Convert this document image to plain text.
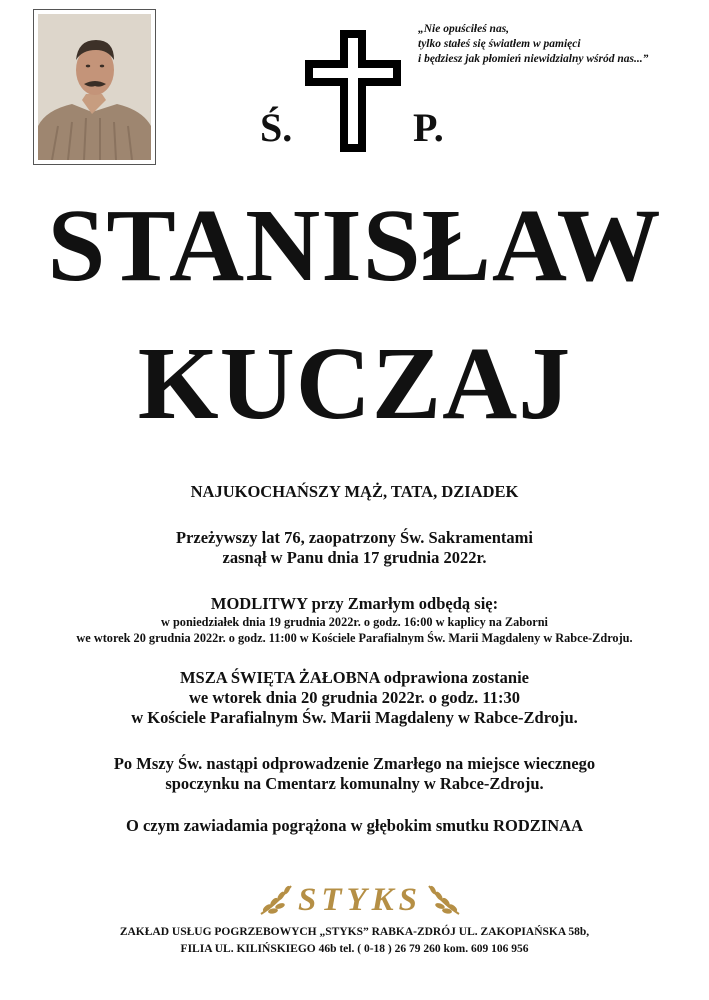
Ś.	P.
„Nie opuściłeś nas,
tylko stałeś się światłem w pamięci
i będziesz jak płomień niewidzialny wśród nas...”
STANISŁAW
KUCZAJ
NAJUKOCHAŃSZY MĄŻ, TATA, DZIADEK
Przeżywszy lat 76, zaopatrzony Św. Sakramentami
zasnął w Panu dnia 17 grudnia 2022r.
MODLITWY przy Zmarłym odbędą się:
w poniedziałek dnia 19 grudnia 2022r. o godz. 16:00 w kaplicy na Zaborni
we wtorek 20 grudnia 2022r. o godz. 11:00 w Kościele Parafialnym Św. Marii Magdaleny w Rabce-Zdroju.
MSZA ŚWIĘTA ŻAŁOBNA odprawiona zostanie
we wtorek dnia 20 grudnia 2022r. o godz. 11:30
w Kościele Parafialnym Św. Marii Magdaleny w Rabce-Zdroju.
Po Mszy Św. nastąpi odprowadzenie Zmarłego na miejsce wiecznego
spoczynku na Cmentarz komunalny w Rabce-Zdroju.
O czym zawiadamia pogrążona w głębokim smutku RODZINAA
STYKS
ZAKŁAD USŁUG POGRZEBOWYCH „STYKS” RABKA-ZDRÓJ UL. ZAKOPIAŃSKA 58b,
FILIA UL. KILIŃSKIEGO 46b tel. ( 0-18 ) 26 79 260 kom. 609 106 956
